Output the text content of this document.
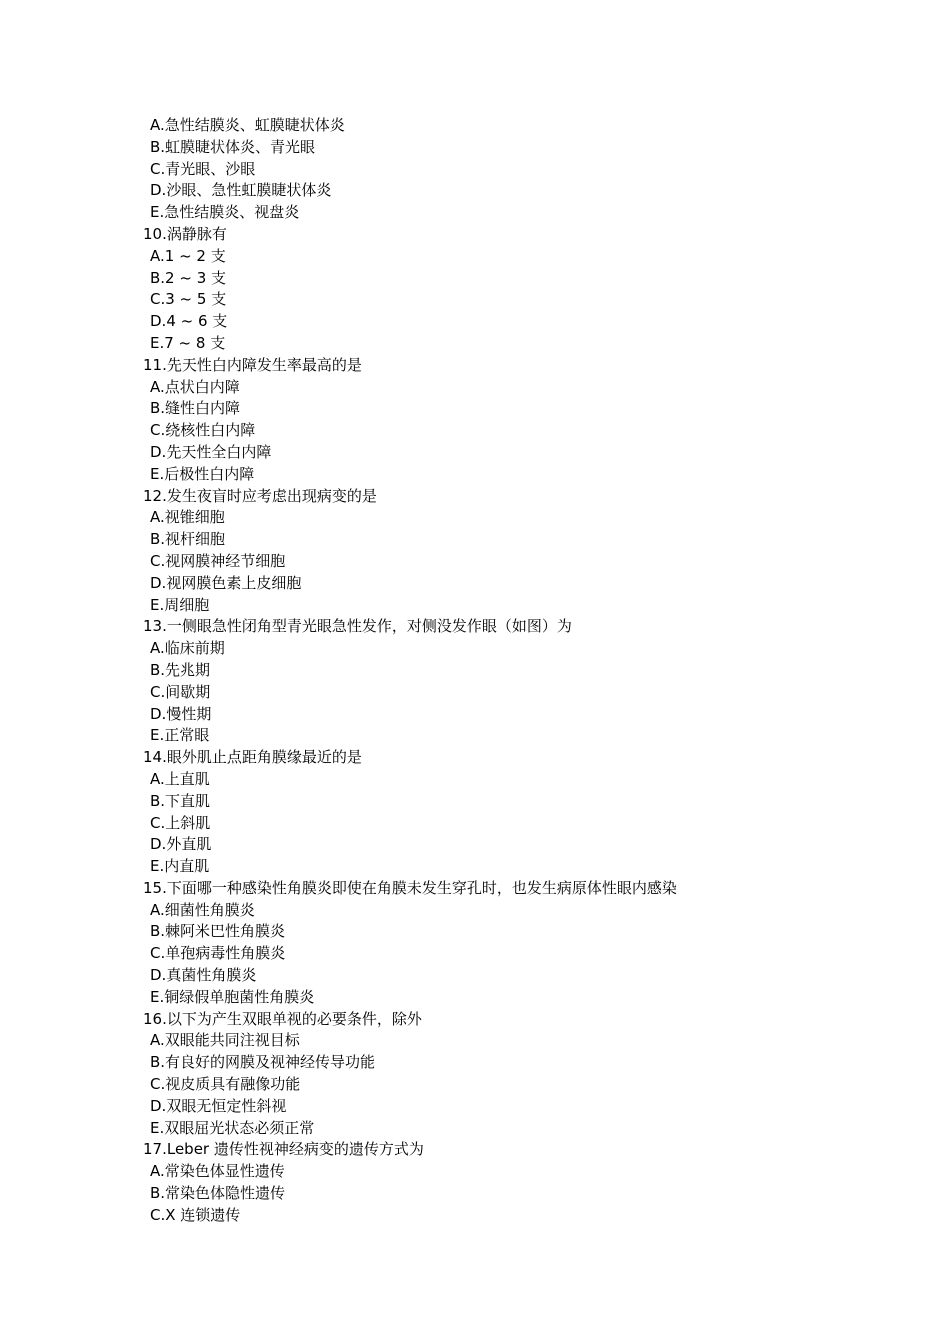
A.急性结膜炎、虹膜睫状体炎
B.虹膜睫状体炎、青光眼
C.青光眼、沙眼
D.沙眼、急性虹膜睫状体炎
E.急性结膜炎、视盘炎
10.涡静脉有
A.1 ~ 2 支
B.2 ~ 3 支
C.3 ~ 5 支
D.4 ~ 6 支
E.7 ~ 8 支
11.先天性白内障发生率最高的是
A.点状白内障
B.缝性白内障
C.绕核性白内障
D.先天性全白内障
E.后极性白内障
12.发生夜盲时应考虑出现病变的是
A.视锥细胞
B.视杆细胞
C.视网膜神经节细胞
D.视网膜色素上皮细胞
E.周细胞
13.一侧眼急性闭角型青光眼急性发作，对侧没发作眼（如图）为
A.临床前期
B.先兆期
C.间歇期
D.慢性期
E.正常眼
14.眼外肌止点距角膜缘最近的是
A.上直肌
B.下直肌
C.上斜肌
D.外直肌
E.内直肌
15.下面哪一种感染性角膜炎即使在角膜未发生穿孔时，也发生病原体性眼内感染
A.细菌性角膜炎
B.棘阿米巴性角膜炎
C.单孢病毒性角膜炎
D.真菌性角膜炎
E.铜绿假单胞菌性角膜炎
16.以下为产生双眼单视的必要条件，除外
A.双眼能共同注视目标
B.有良好的网膜及视神经传导功能
C.视皮质具有融像功能
D.双眼无恒定性斜视
E.双眼屈光状态必须正常
17.Leber 遗传性视神经病变的遗传方式为
A.常染色体显性遗传
B.常染色体隐性遗传
C.X 连锁遗传
